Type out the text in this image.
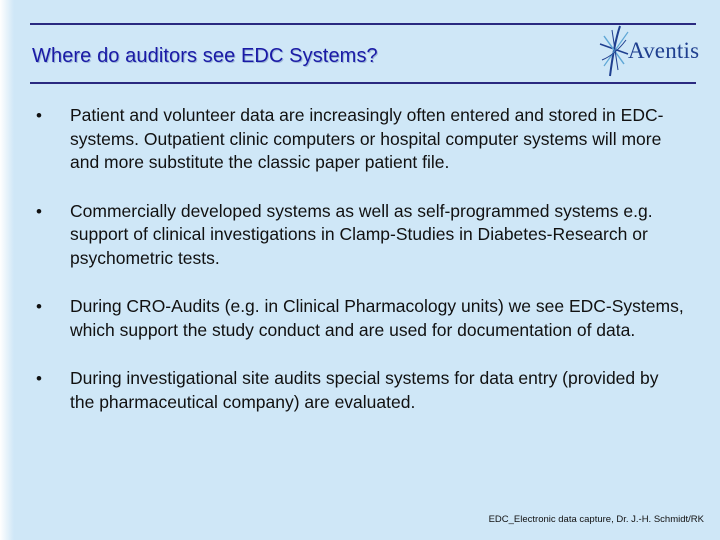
Where do auditors see EDC Systems?	Aventis
• Patient and volunteer data are increasingly often entered and stored in EDC-systems. Outpatient clinic computers or hospital computer systems will more and more substitute the classic paper patient file.
• Commercially developed systems as well as self-programmed systems e.g. support of clinical investigations in Clamp-Studies in Diabetes-Research or psychometric tests.
• During CRO-Audits (e.g. in Clinical Pharmacology units) we see EDC-Systems, which support the study conduct and are used for documentation of data.
• During investigational site audits special systems for data entry (provided by the pharmaceutical company) are evaluated.
EDC_Electronic data capture, Dr. J.-H. Schmidt/RK
